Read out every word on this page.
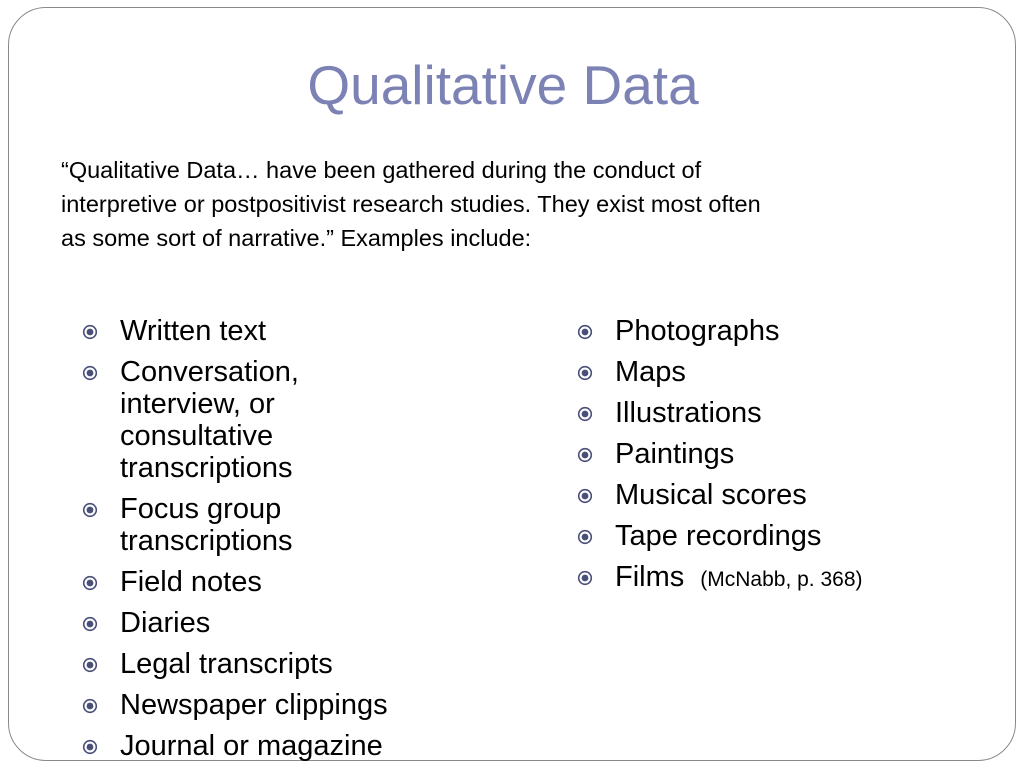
Qualitative Data

“Qualitative Data… have been gathered during the conduct of
interpretive or postpositivist research studies. They exist most often
as some sort of narrative.” Examples include:

Written text
Conversation, interview, or consultative transcriptions
Focus group transcriptions
Field notes
Diaries
Legal transcripts
Newspaper clippings
Journal or magazine
Photographs
Maps
Illustrations
Paintings
Musical scores
Tape recordings
Films (McNabb, p. 368)
